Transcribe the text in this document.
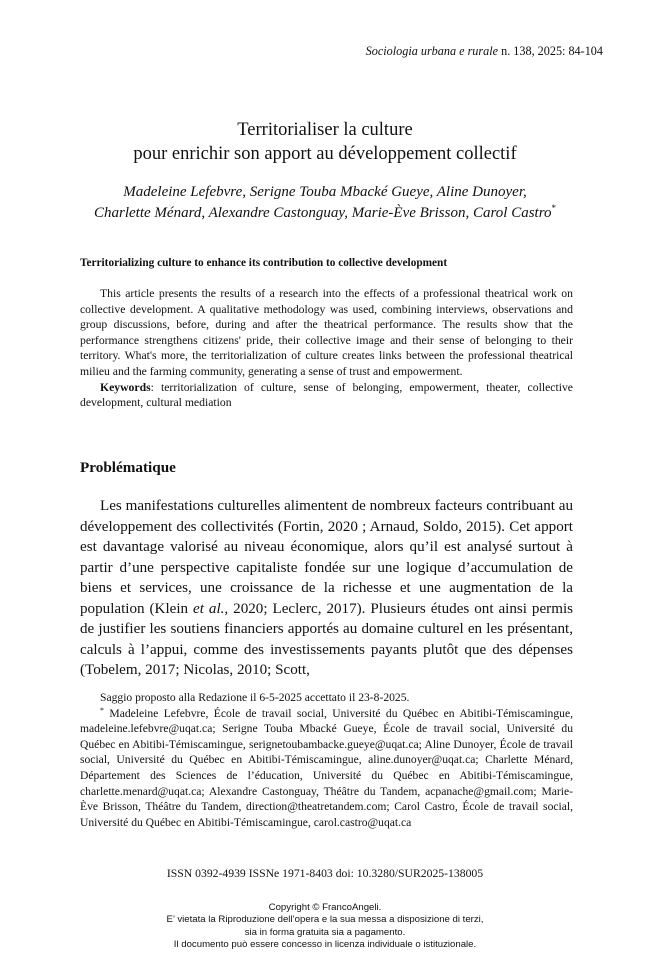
Sociologia urbana e rurale n. 138, 2025: 84-104
Territorialiser la culture
pour enrichir son apport au développement collectif
Madeleine Lefebvre, Serigne Touba Mbacké Gueye, Aline Dunoyer,
Charlette Ménard, Alexandre Castonguay, Marie-Ève Brisson, Carol Castro*
Territorializing culture to enhance its contribution to collective development

This article presents the results of a research into the effects of a professional theatrical work on collective development. A qualitative methodology was used, combining interviews, observations and group discussions, before, during and after the theatrical performance. The results show that the performance strengthens citizens' pride, their collective image and their sense of belonging to their territory. What's more, the territorialization of culture creates links between the professional theatrical milieu and the farming community, generating a sense of trust and empowerment.

Keywords: territorialization of culture, sense of belonging, empowerment, theater, collective development, cultural mediation

Problématique

Les manifestations culturelles alimentent de nombreux facteurs contribuant au développement des collectivités (Fortin, 2020 ; Arnaud, Soldo, 2015). Cet apport est davantage valorisé au niveau économique, alors qu’il est analysé surtout à partir d’une perspective capitaliste fondée sur une logique d’accumulation de biens et services, une croissance de la richesse et une augmentation de la population (Klein et al., 2020; Leclerc, 2017). Plusieurs études ont ainsi permis de justifier les soutiens financiers apportés au domaine culturel en les présentant, calculs à l’appui, comme des investissements payants plutôt que des dépenses (Tobelem, 2017; Nicolas, 2010; Scott,

Saggio proposto alla Redazione il 6-5-2025 accettato il 23-8-2025.

* Madeleine Lefebvre, École de travail social, Université du Québec en Abitibi-Témiscamingue, madeleine.lefebvre@uqat.ca; Serigne Touba Mbacké Gueye, École de travail social, Université du Québec en Abitibi-Témiscamingue, serignetoubambacke.gueye@uqat.ca; Aline Dunoyer, École de travail social, Université du Québec en Abitibi-Témiscamingue, aline.dunoyer@uqat.ca; Charlette Ménard, Département des Sciences de l’éducation, Université du Québec en Abitibi-Témiscamingue, charlette.menard@uqat.ca; Alexandre Castonguay, Théâtre du Tandem, acpanache@gmail.com; Marie-Ève Brisson, Théâtre du Tandem, direction@theatretandem.com; Carol Castro, École de travail social, Université du Québec en Abitibi-Témiscamingue, carol.castro@uqat.ca

ISSN 0392-4939 ISSNe 1971-8403 doi: 10.3280/SUR2025-138005
Copyright © FrancoAngeli.
E’ vietata la Riproduzione dell’opera e la sua messa a disposizione di terzi,
sia in forma gratuita sia a pagamento.
Il documento può essere concesso in licenza individuale o istituzionale.
